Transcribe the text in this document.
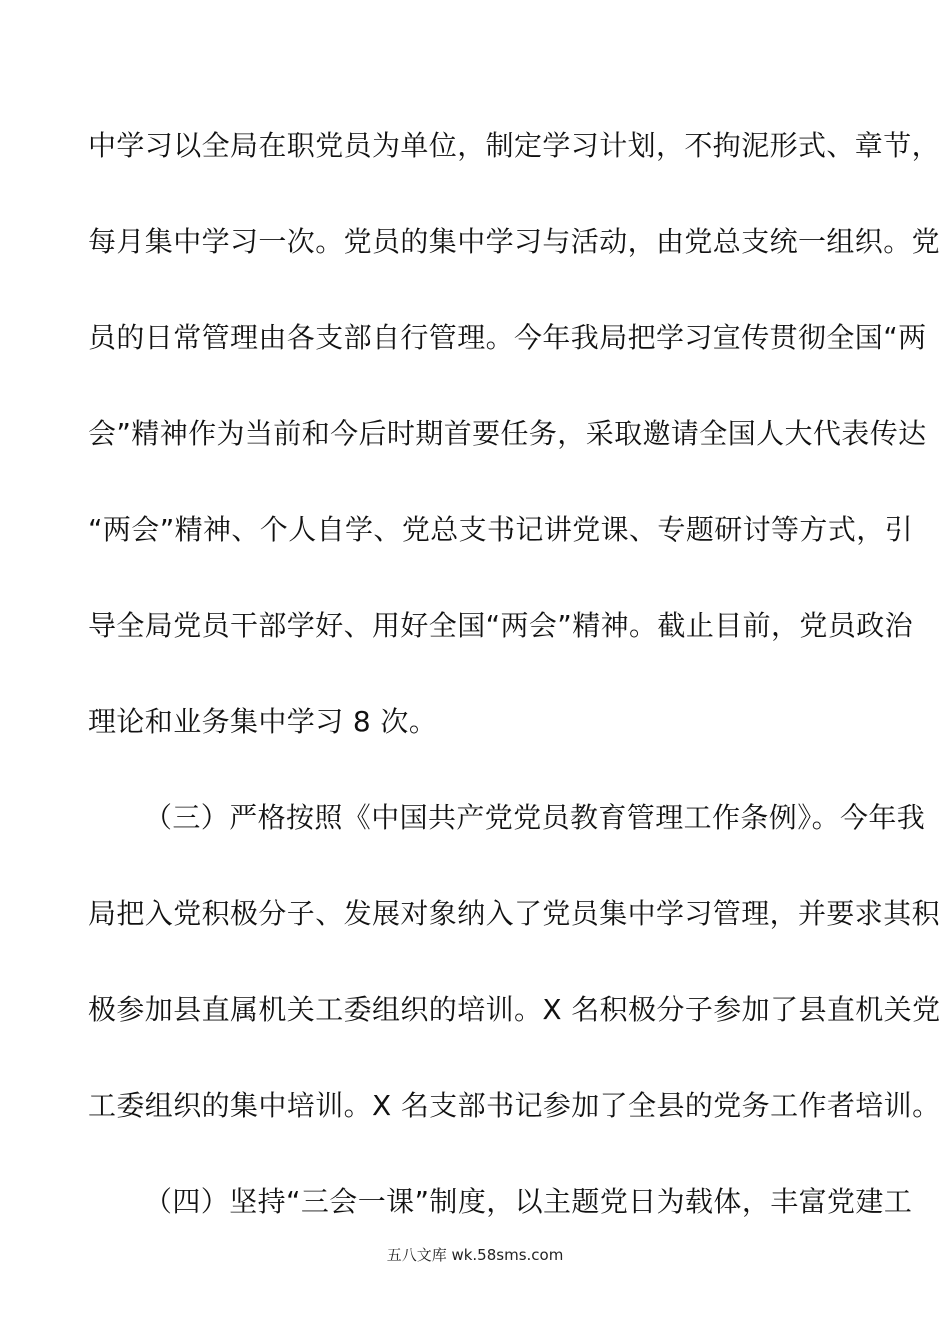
中学习以全局在职党员为单位，制定学习计划，不拘泥形式、章节，
每月集中学习一次。党员的集中学习与活动，由党总支统一组织。党
员的日常管理由各支部自行管理。今年我局把学习宣传贯彻全国“两
会”精神作为当前和今后时期首要任务，采取邀请全国人大代表传达
“两会”精神、个人自学、党总支书记讲党课、专题研讨等方式，引
导全局党员干部学好、用好全国“两会”精神。截止目前，党员政治
理论和业务集中学习 8 次。
（三）严格按照《中国共产党党员教育管理工作条例》。今年我
局把入党积极分子、发展对象纳入了党员集中学习管理，并要求其积
极参加县直属机关工委组织的培训。X 名积极分子参加了县直机关党
工委组织的集中培训。X 名支部书记参加了全县的党务工作者培训。
（四）坚持“三会一课”制度，以主题党日为载体，丰富党建工
五八文库 wk.58sms.com
